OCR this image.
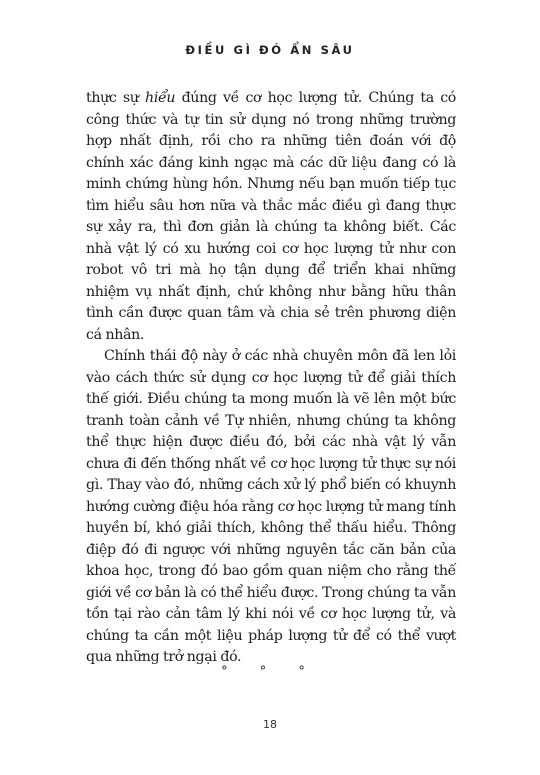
ĐIỀU GÌ ĐÓ ẨN SÂU

thực sự hiểu đúng về cơ học lượng tử. Chúng ta có công thức và tự tin sử dụng nó trong những trường hợp nhất định, rồi cho ra những tiên đoán với độ chính xác đáng kinh ngạc mà các dữ liệu đang có là minh chứng hùng hồn. Nhưng nếu bạn muốn tiếp tục tìm hiểu sâu hơn nữa và thắc mắc điều gì đang thực sự xảy ra, thì đơn giản là chúng ta không biết. Các nhà vật lý có xu hướng coi cơ học lượng tử như con robot vô tri mà họ tận dụng để triển khai những nhiệm vụ nhất định, chứ không như bằng hữu thân tình cần được quan tâm và chia sẻ trên phương diện cá nhân.

Chính thái độ này ở các nhà chuyên môn đã len lỏi vào cách thức sử dụng cơ học lượng tử để giải thích thế giới. Điều chúng ta mong muốn là vẽ lên một bức tranh toàn cảnh về Tự nhiên, nhưng chúng ta không thể thực hiện được điều đó, bởi các nhà vật lý vẫn chưa đi đến thống nhất về cơ học lượng tử thực sự nói gì. Thay vào đó, những cách xử lý phổ biến có khuynh hướng cường điệu hóa rằng cơ học lượng tử mang tính huyền bí, khó giải thích, không thể thấu hiểu. Thông điệp đó đi ngược với những nguyên tắc căn bản của khoa học, trong đó bao gồm quan niệm cho rằng thế giới về cơ bản là có thể hiểu được. Trong chúng ta vẫn tồn tại rào cản tâm lý khi nói về cơ học lượng tử, và chúng ta cần một liệu pháp lượng tử để có thể vượt qua những trở ngại đó.

° ° °
18
